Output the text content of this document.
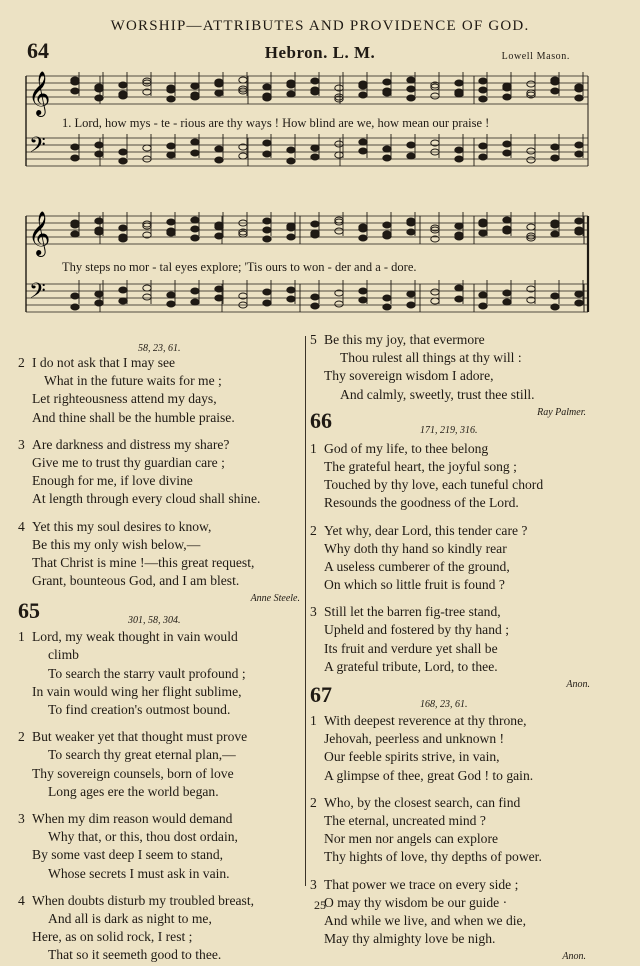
WORSHIP—ATTRIBUTES AND PROVIDENCE OF GOD.
64	Hebron. L. M.	Lowell Mason.
𝄞
𝄢
𝄞
𝄢
1. Lord, how mys - te - rious are thy ways ! How blind are we, how mean our praise !
Thy steps no mor - tal eyes explore; 'Tis ours to won - der and a - dore.
58, 23, 61.
2 I do not ask that I may see
What in the future waits for me ;
Let righteousness attend my days,
And thine shall be the humble praise.
3 Are darkness and distress my share?
Give me to trust thy guardian care ;
Enough for me, if love divine
At length through every cloud shall shine.
4 Yet this my soul desires to know,
Be this my only wish below,—
That Christ is mine !—this great request,
Grant, bounteous God, and I am blest.
Anne Steele.
65	301, 58, 304.
1 Lord, my weak thought in vain would
climb
To search the starry vault profound ;
In vain would wing her flight sublime,
To find creation's outmost bound.
2 But weaker yet that thought must prove
To search thy great eternal plan,—
Thy sovereign counsels, born of love
Long ages ere the world began.
3 When my dim reason would demand
Why that, or this, thou dost ordain,
By some vast deep I seem to stand,
Whose secrets I must ask in vain.
4 When doubts disturb my troubled breast,
And all is dark as night to me,
Here, as on solid rock, I rest ;
That so it seemeth good to thee.
5 Be this my joy, that evermore
Thou rulest all things at thy will :
Thy sovereign wisdom I adore,
And calmly, sweetly, trust thee still.
Ray Palmer.
66	171, 219, 316.
1 God of my life, to thee belong
The grateful heart, the joyful song ;
Touched by thy love, each tuneful chord
Resounds the goodness of the Lord.
2 Yet why, dear Lord, this tender care ?
Why doth thy hand so kindly rear
A useless cumberer of the ground,
On which so little fruit is found ?
3 Still let the barren fig-tree stand,
Upheld and fostered by thy hand ;
Its fruit and verdure yet shall be
A grateful tribute, Lord, to thee.
Anon.
67	168, 23, 61.
1 With deepest reverence at thy throne,
Jehovah, peerless and unknown !
Our feeble spirits strive, in vain,
A glimpse of thee, great God ! to gain.
2 Who, by the closest search, can find
The eternal, uncreated mind ?
Nor men nor angels can explore
Thy hights of love, thy depths of power.
3 That power we trace on every side ;
O may thy wisdom be our guide ·
And while we live, and when we die,
May thy almighty love be nigh.
Anon.
25
